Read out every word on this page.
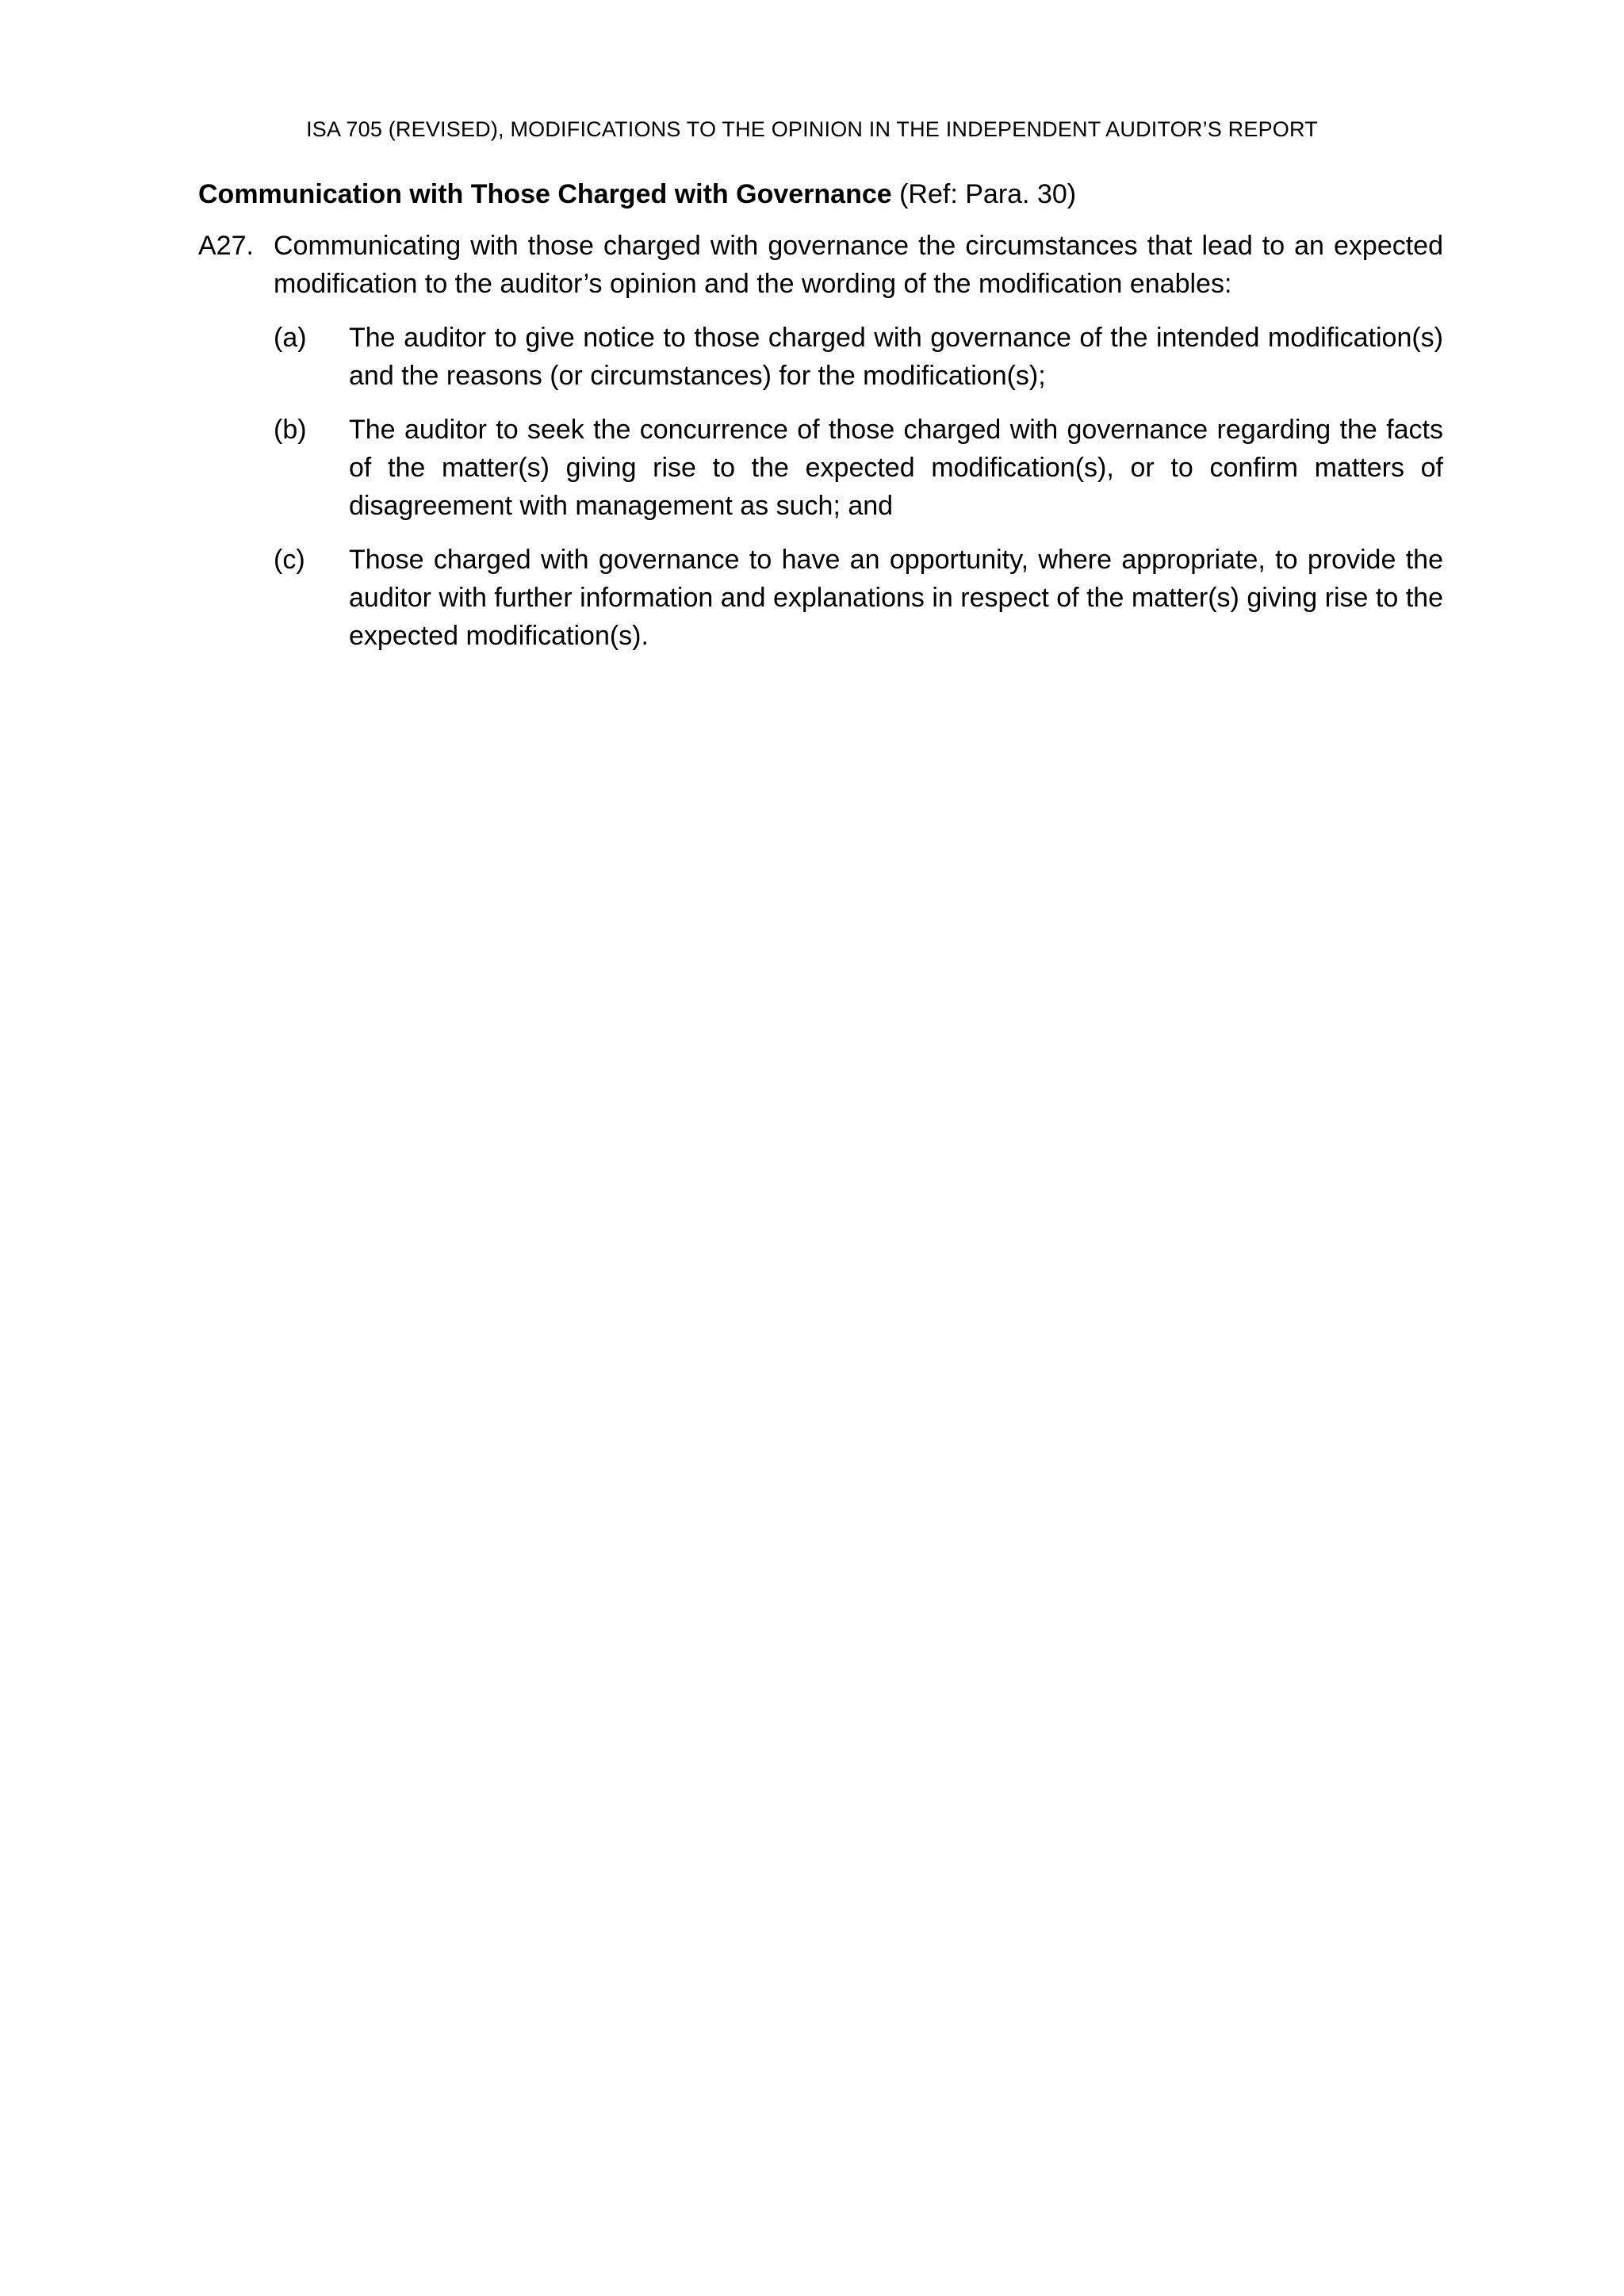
ISA 705 (REVISED), MODIFICATIONS TO THE OPINION IN THE INDEPENDENT AUDITOR’S REPORT
Communication with Those Charged with Governance (Ref: Para. 30)
A27. Communicating with those charged with governance the circumstances that lead to an expected modification to the auditor’s opinion and the wording of the modification enables:

(a)	The auditor to give notice to those charged with governance of the intended modification(s) and the reasons (or circumstances) for the modification(s);

(b)	The auditor to seek the concurrence of those charged with governance regarding the facts of the matter(s) giving rise to the expected modification(s), or to confirm matters of disagreement with management as such; and

(c)	Those charged with governance to have an opportunity, where appropriate, to provide the auditor with further information and explanations in respect of the matter(s) giving rise to the expected modification(s).
